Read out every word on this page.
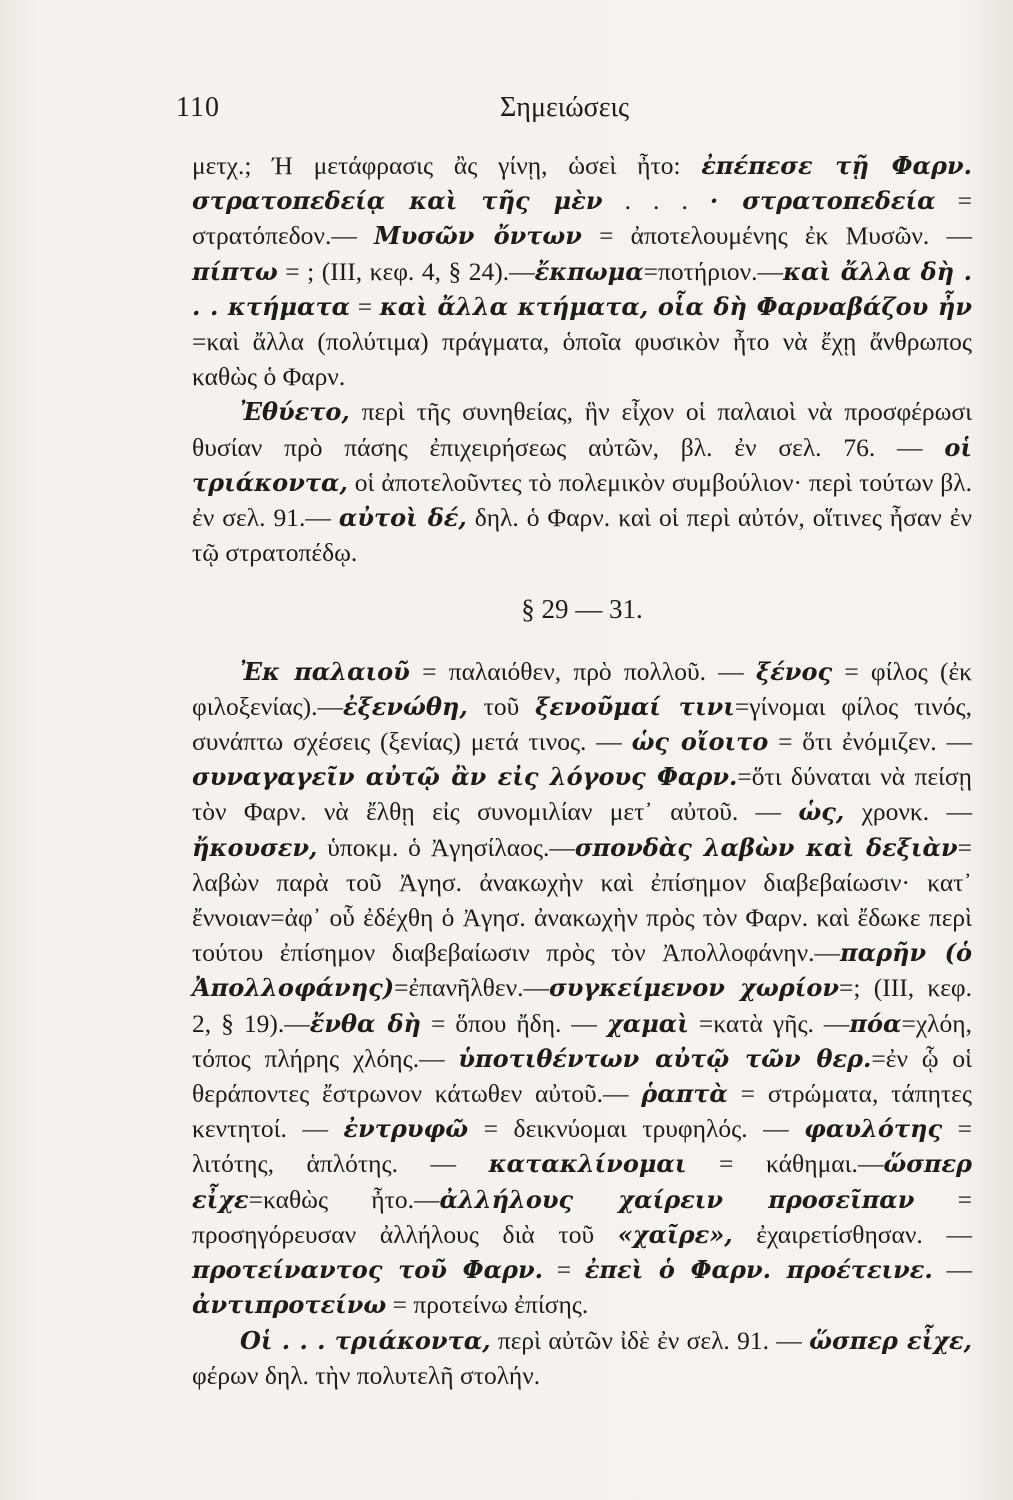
110	Σημειώσεις

μετχ.; Ή μετάφρασις ἂς γίνῃ, ὡσεὶ ἦτο: ἐπέπεσε τῇ Φαρν. στρατοπεδείᾳ καὶ τῆς μὲν . . . · στρατοπεδεία = στρατόπεδον.— Μυσῶν ὄντων = ἀποτελουμένης ἐκ Μυσῶν. — πίπτω = ; (III, κεφ. 4, § 24).—ἔκπωμα=ποτήριον.—καὶ ἄλλα δὴ . . . κτήματα = καὶ ἄλλα κτήματα, οἷα δὴ Φαρναβάζου ἦν =καὶ ἄλλα (πολύτιμα) πράγματα, ὁποῖα φυσικὸν ἦτο νὰ ἔχῃ ἄνθρωπος καθὼς ὁ Φαρν.

Ἐθύετο, περὶ τῆς συνηθείας, ἣν εἶχον οἱ παλαιοὶ νὰ προσφέρωσι θυσίαν πρὸ πάσης ἐπιχειρήσεως αὐτῶν, βλ. ἐν σελ. 76. — οἱ τριάκοντα, οἱ ἀποτελοῦντες τὸ πολεμικὸν συμβούλιον· περὶ τούτων βλ. ἐν σελ. 91.— αὐτοὶ δέ, δηλ. ὁ Φαρν. καὶ οἱ περὶ αὐτόν, οἵτινες ἦσαν ἐν τῷ στρατοπέδῳ.

§ 29 — 31.

Ἐκ παλαιοῦ = παλαιόθεν, πρὸ πολλοῦ. — ξένος = φίλος (ἐκ φιλοξενίας).—ἐξενώθη, τοῦ ξενοῦμαί τινι=γίνομαι φίλος τινός, συνάπτω σχέσεις (ξενίας) μετά τινος. — ὡς οἴοιτο = ὅτι ἐνόμιζεν. —συναγαγεῖν αὐτῷ ἂν εἰς λόγους Φαρν.=ὅτι δύναται νὰ πείσῃ τὸν Φαρν. νὰ ἔλθῃ εἰς συνομιλίαν μετ᾽ αὐτοῦ. — ὡς, χρονκ. — ἤκουσεν, ὑποκμ. ὁ Ἀγησίλαος.—σπονδὰς λαβὼν καὶ δεξιὰν= λαβὼν παρὰ τοῦ Ἀγησ. ἀνακωχὴν καὶ ἐπίσημον διαβεβαίωσιν· κατ᾽ ἔννοιαν=ἀφ᾽ οὗ ἐδέχθη ὁ Ἀγησ. ἀνακωχὴν πρὸς τὸν Φαρν. καὶ ἔδωκε περὶ τούτου ἐπίσημον διαβεβαίωσιν πρὸς τὸν Ἀπολλοφάνην.—παρῆν (ὁ Ἀπολλοφάνης)=ἐπανῆλθεν.—συγκείμενον χωρίον=; (III, κεφ. 2, § 19).—ἔνθα δὴ = ὅπου ἤδη. — χαμαὶ =κατὰ γῆς. —πόα=χλόη, τόπος πλήρης χλόης.— ὑποτιθέντων αὐτῷ τῶν θερ.=ἐν ᾧ οἱ θεράποντες ἔστρωνον κάτωθεν αὐτοῦ.— ῥαπτὰ = στρώματα, τάπητες κεντητοί. — ἐντρυφῶ = δεικνύομαι τρυφηλός. — φαυλότης = λιτότης, ἁπλότης. — κατακλίνομαι = κάθημαι.—ὥσπερ εἶχε=καθὼς ἦτο.—ἀλλήλους χαίρειν προσεῖπαν = προσηγόρευσαν ἀλλήλους διὰ τοῦ «χαῖρε», ἐχαιρετίσθησαν. — προτείναντος τοῦ Φαρν. = ἐπεὶ ὁ Φαρν. προέτεινε. —ἀντιπροτείνω = προτείνω ἐπίσης.

Οἱ . . . τριάκοντα, περὶ αὐτῶν ἰδὲ ἐν σελ. 91. — ὥσπερ εἶχε, φέρων δηλ. τὴν πολυτελῆ στολήν.
